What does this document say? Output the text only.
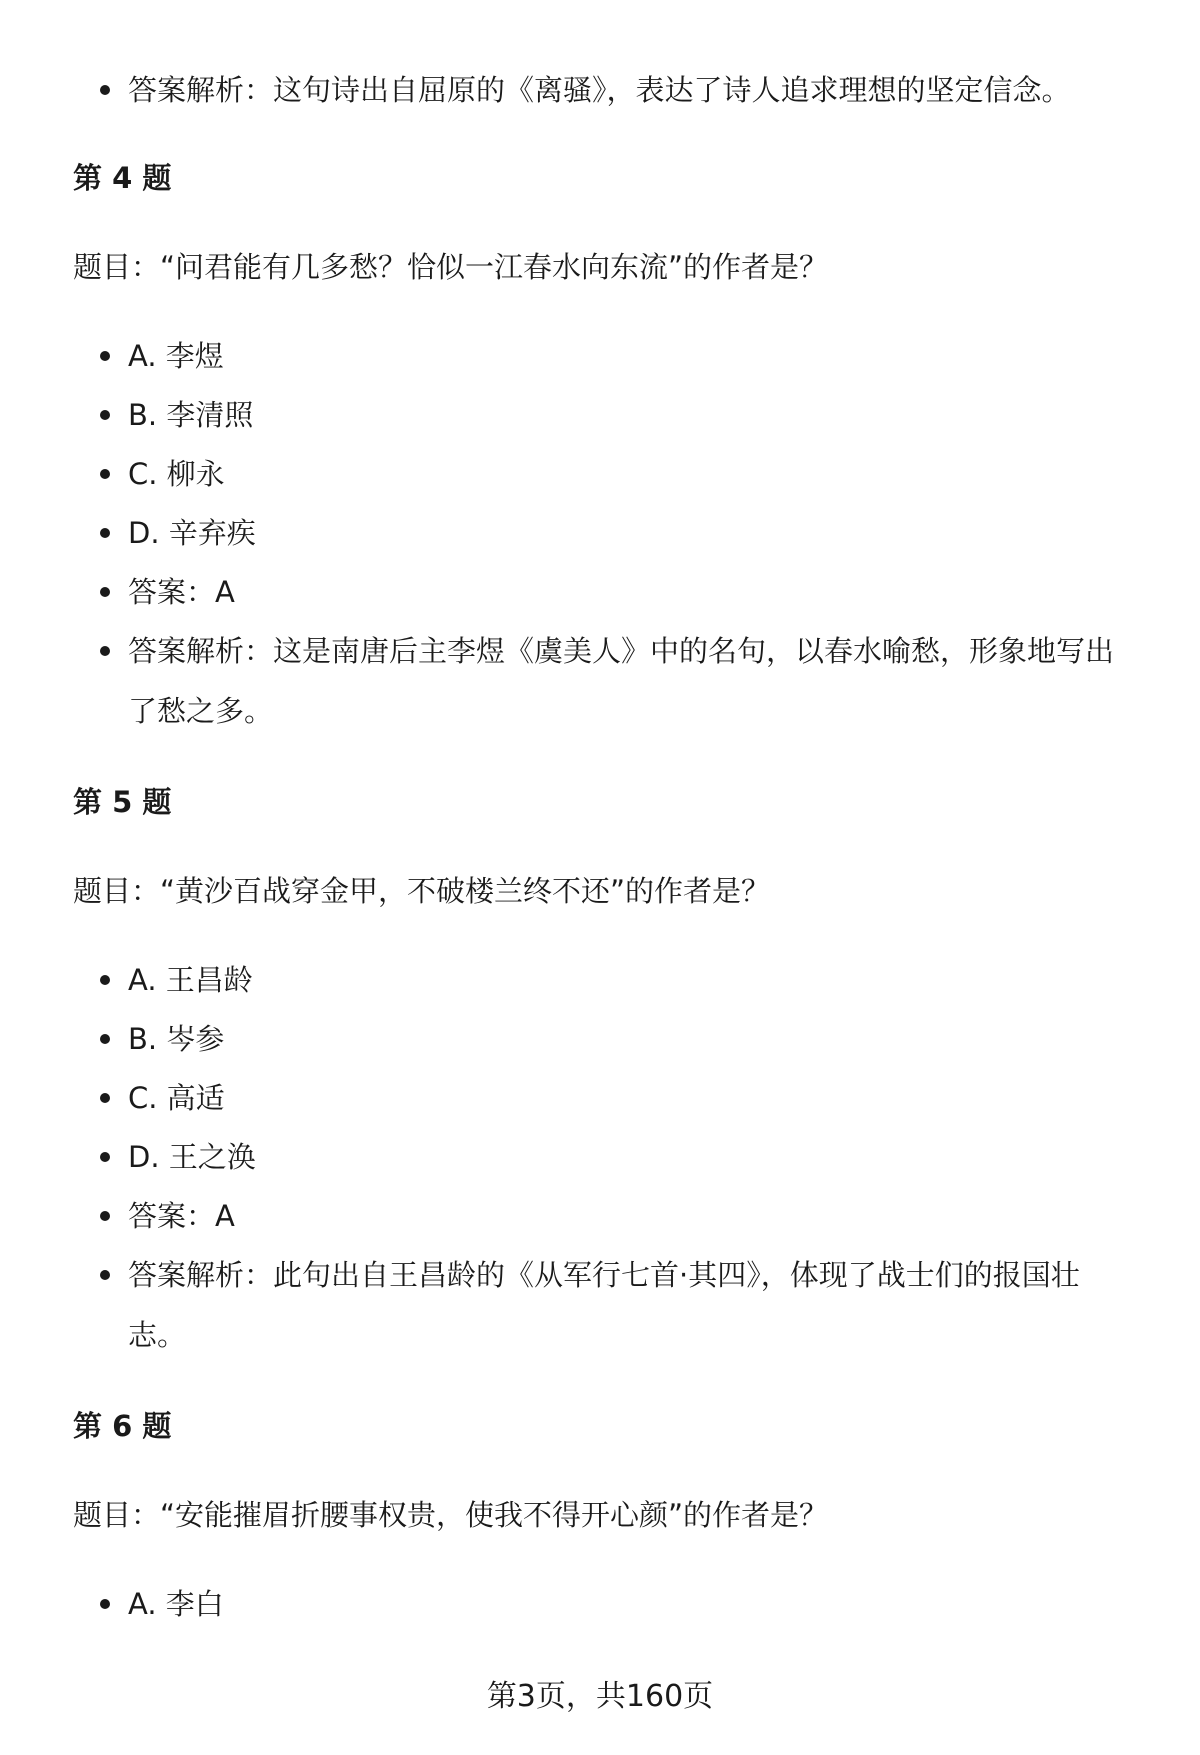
答案解析：这句诗出自屈原的《离骚》，表达了诗人追求理想的坚定信念。
第 4 题
题目：“问君能有几多愁？恰似一江春水向东流”的作者是？
A. 李煜
B. 李清照
C. 柳永
D. 辛弃疾
答案：A
答案解析：这是南唐后主李煜《虞美人》中的名句，以春水喻愁，形象地写出
了愁之多。
第 5 题
题目：“黄沙百战穿金甲，不破楼兰终不还”的作者是？
A. 王昌龄
B. 岑参
C. 高适
D. 王之涣
答案：A
答案解析：此句出自王昌龄的《从军行七首·其四》，体现了战士们的报国壮
志。
第 6 题
题目：“安能摧眉折腰事权贵，使我不得开心颜”的作者是？
A. 李白
第3页，共160页
